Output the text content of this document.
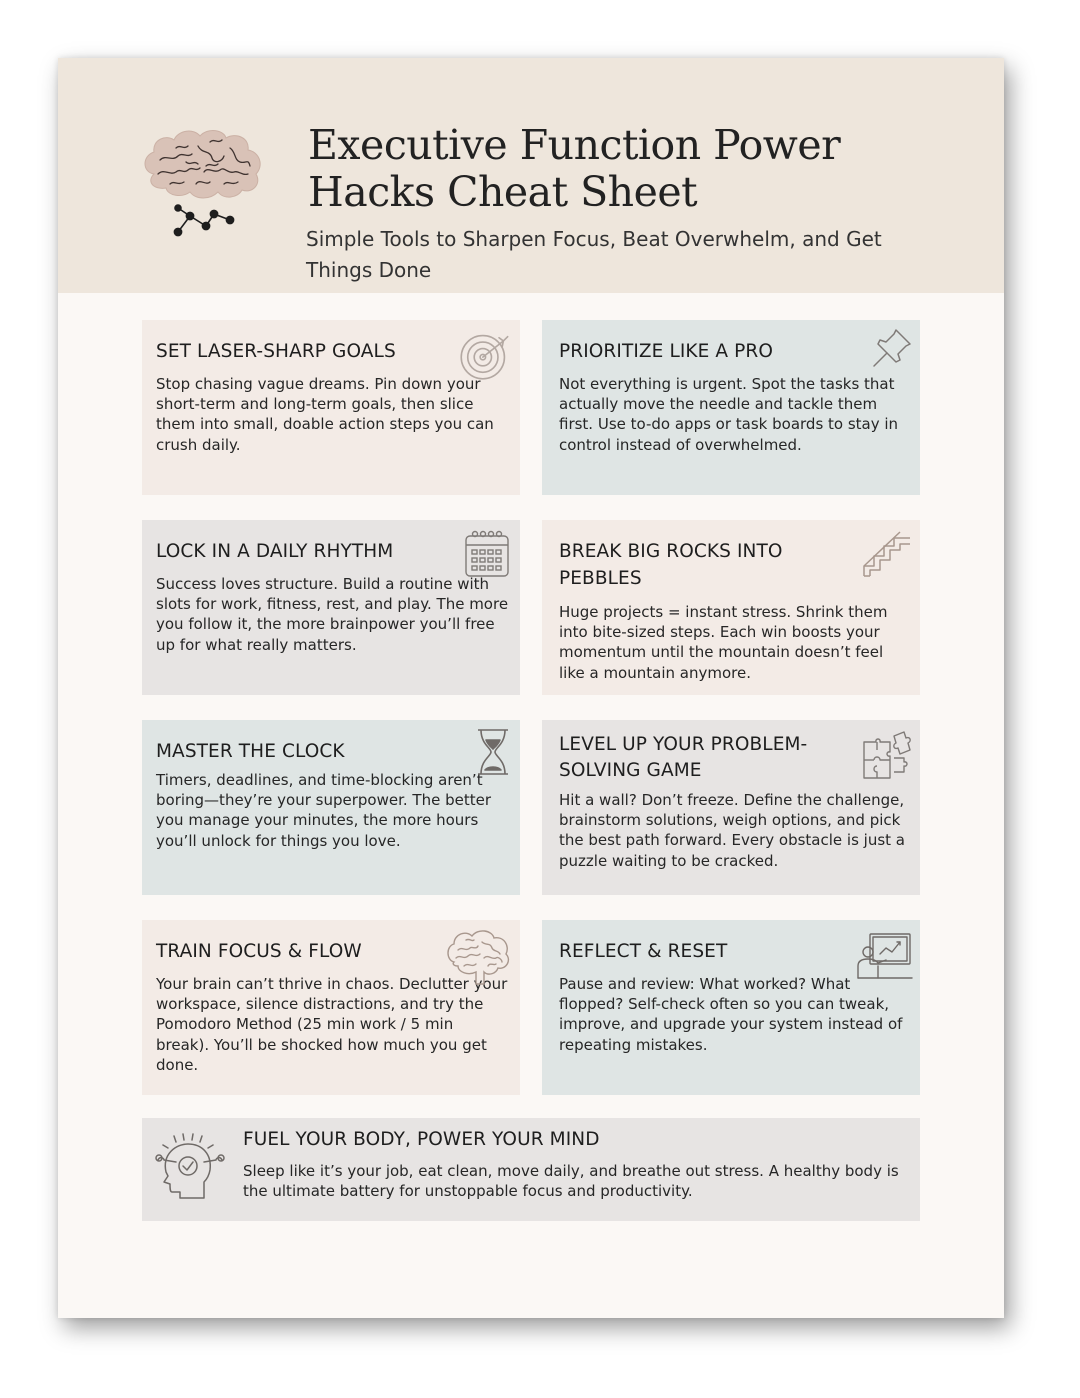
Executive Function Power
Hacks Cheat Sheet

Simple Tools to Sharpen Focus, Beat Overwhelm, and Get Things Done

SET LASER-SHARP GOALS

Stop chasing vague dreams. Pin down your short-term and long-term goals, then slice them into small, doable action steps you can crush daily.

PRIORITIZE LIKE A PRO

Not everything is urgent. Spot the tasks that actually move the needle and tackle them first. Use to-do apps or task boards to stay in control instead of overwhelmed.

LOCK IN A DAILY RHYTHM

Success loves structure. Build a routine with slots for work, fitness, rest, and play. The more you follow it, the more brainpower you’ll free up for what really matters.

BREAK BIG ROCKS INTO PEBBLES

Huge projects = instant stress. Shrink them into bite-sized steps. Each win boosts your momentum until the mountain doesn’t feel like a mountain anymore.

MASTER THE CLOCK

Timers, deadlines, and time-blocking aren’t boring—they’re your superpower. The better you manage your minutes, the more hours you’ll unlock for things you love.

LEVEL UP YOUR PROBLEM-SOLVING GAME

Hit a wall? Don’t freeze. Define the challenge, brainstorm solutions, weigh options, and pick the best path forward. Every obstacle is just a puzzle waiting to be cracked.

TRAIN FOCUS & FLOW

Your brain can’t thrive in chaos. Declutter your workspace, silence distractions, and try the Pomodoro Method (25 min work / 5 min break). You’ll be shocked how much you get done.

REFLECT & RESET

Pause and review: What worked? What flopped? Self-check often so you can tweak, improve, and upgrade your system instead of repeating mistakes.

FUEL YOUR BODY, POWER YOUR MIND

Sleep like it’s your job, eat clean, move daily, and breathe out stress. A healthy body is the ultimate battery for unstoppable focus and productivity.
